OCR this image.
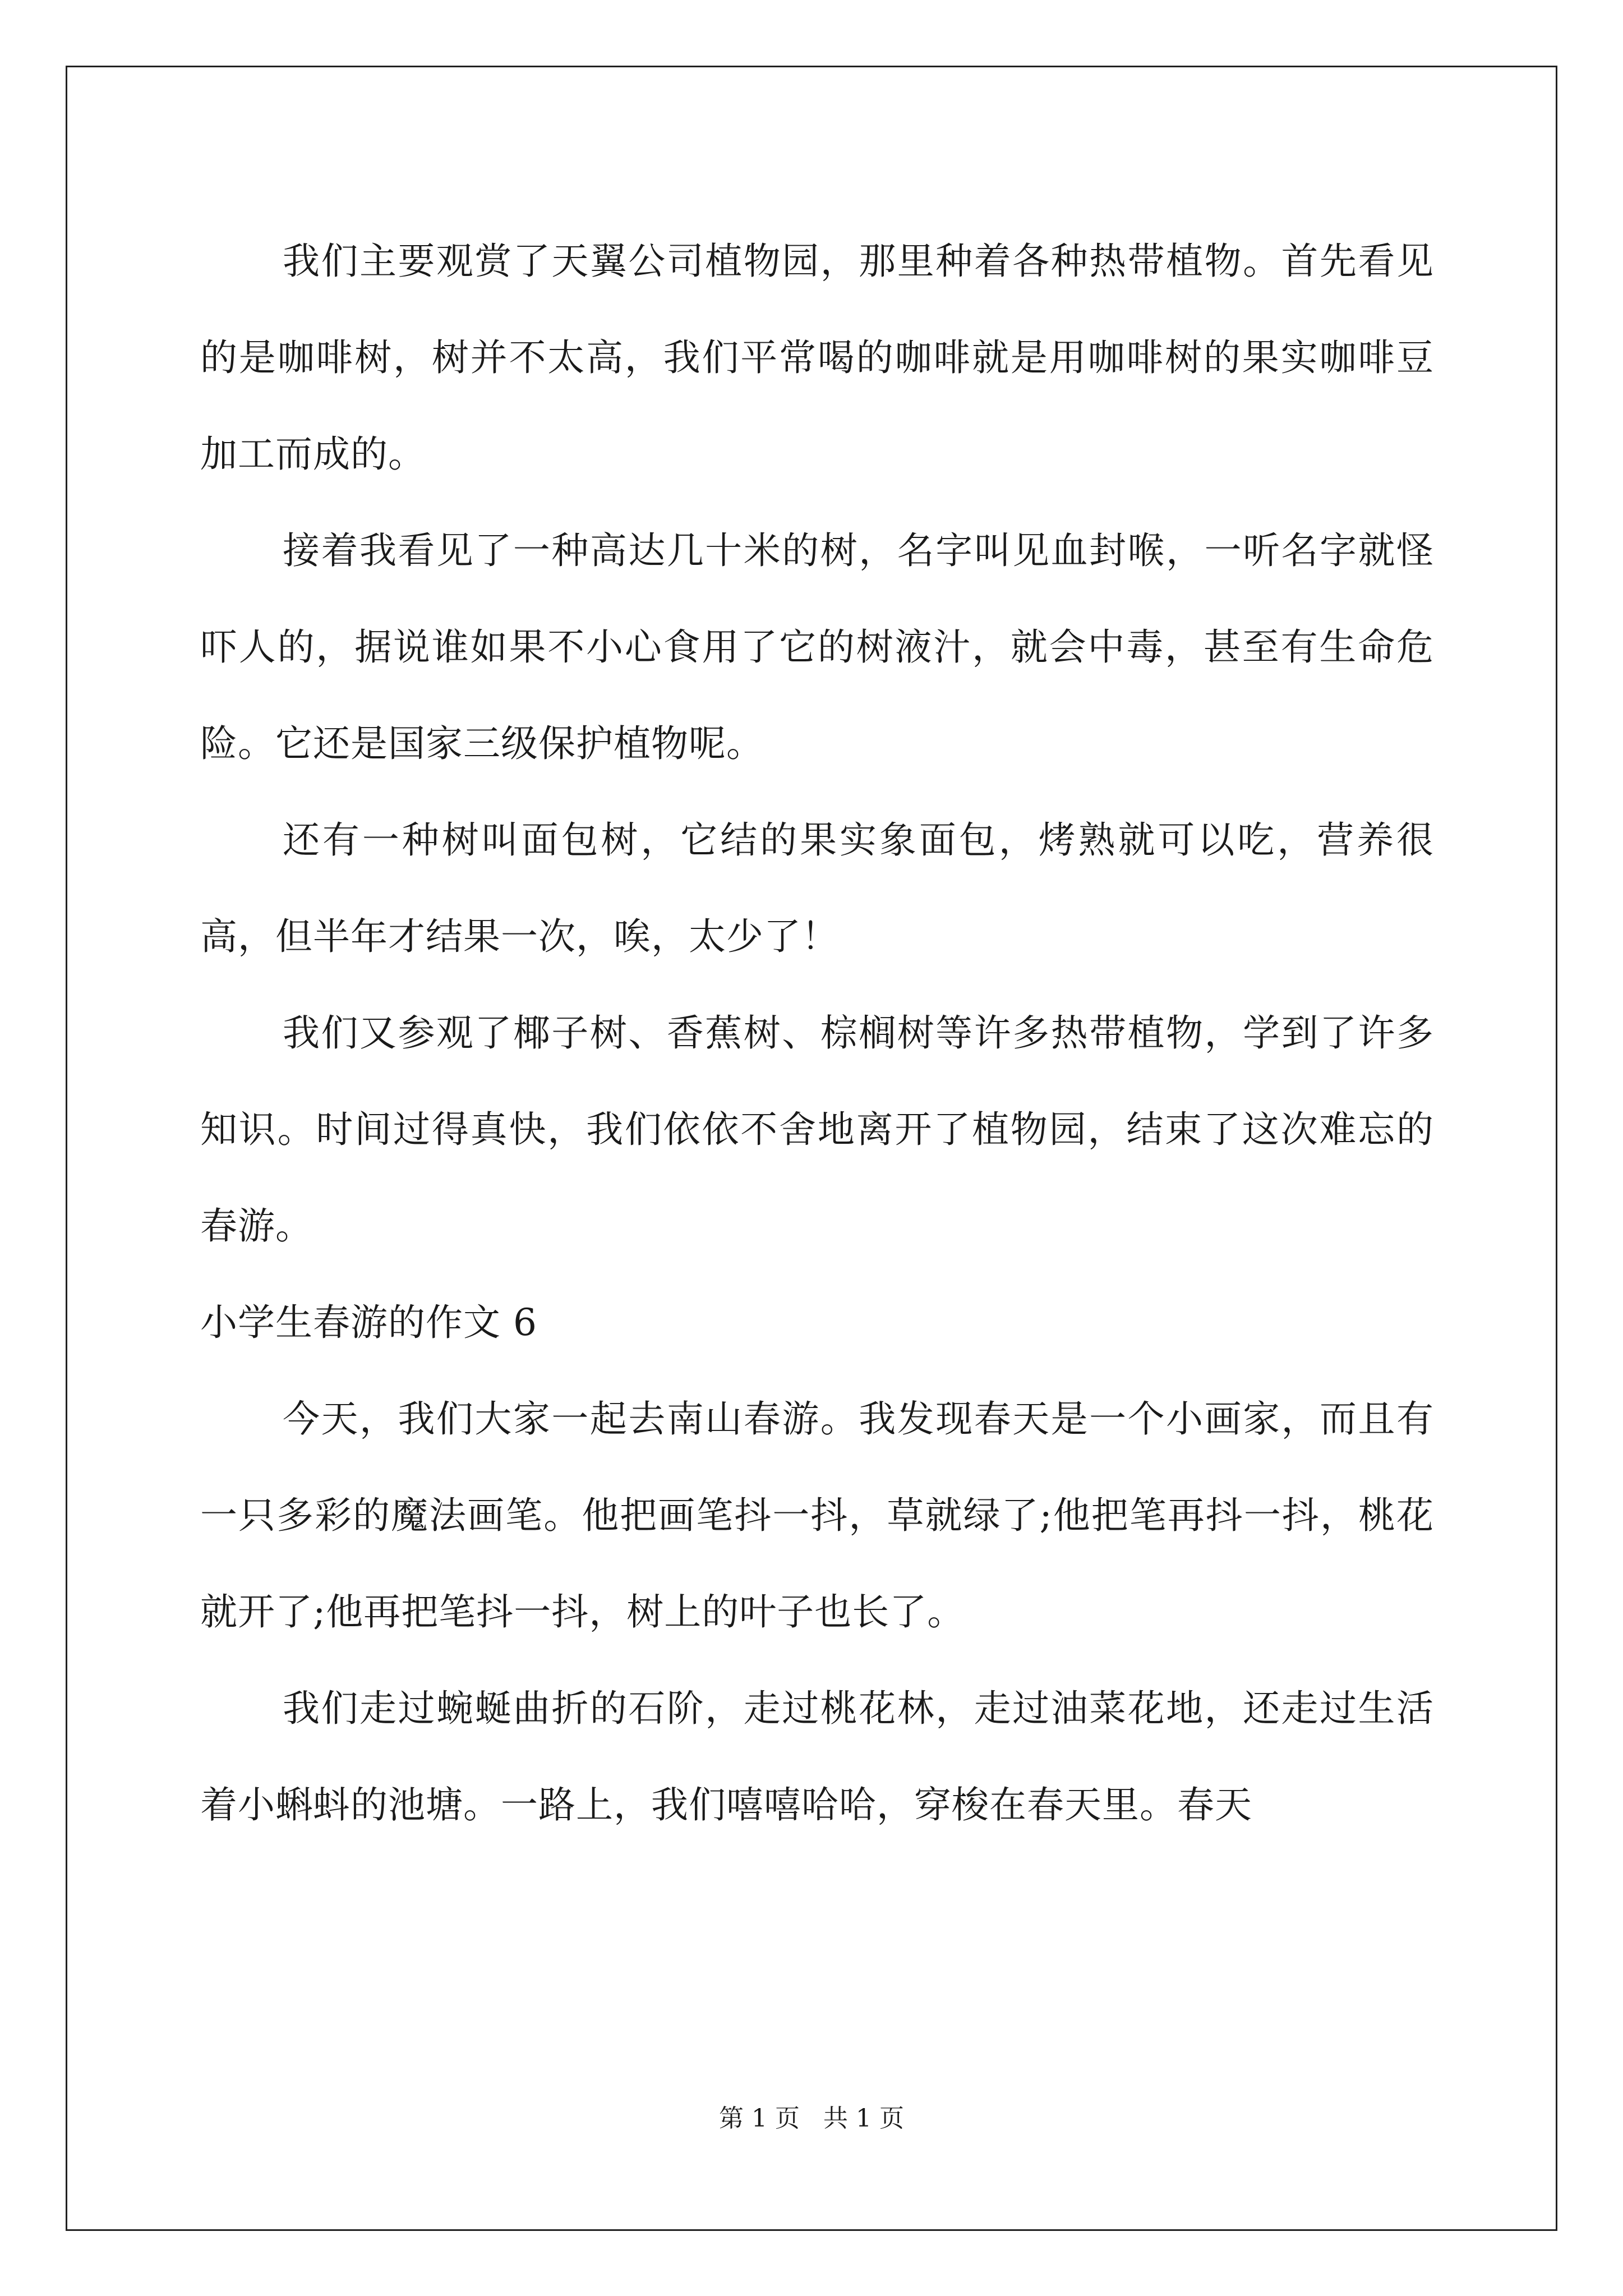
我们主要观赏了天翼公司植物园，那里种着各种热带植物。首先看见的是咖啡树，树并不太高，我们平常喝的咖啡就是用咖啡树的果实咖啡豆加工而成的。

接着我看见了一种高达几十米的树，名字叫见血封喉，一听名字就怪吓人的，据说谁如果不小心食用了它的树液汁，就会中毒，甚至有生命危险。它还是国家三级保护植物呢。

还有一种树叫面包树，它结的果实象面包，烤熟就可以吃，营养很高，但半年才结果一次，唉，太少了！

我们又参观了椰子树、香蕉树、棕榈树等许多热带植物，学到了许多知识。时间过得真快，我们依依不舍地离开了植物园，结束了这次难忘的春游。

小学生春游的作文 6

今天，我们大家一起去南山春游。我发现春天是一个小画家，而且有一只多彩的魔法画笔。他把画笔抖一抖，草就绿了;他把笔再抖一抖，桃花就开了;他再把笔抖一抖，树上的叶子也长了。

我们走过蜿蜒曲折的石阶，走过桃花林，走过油菜花地，还走过生活着小蝌蚪的池塘。一路上，我们嘻嘻哈哈，穿梭在春天里。春天

第 1 页   共 1 页
